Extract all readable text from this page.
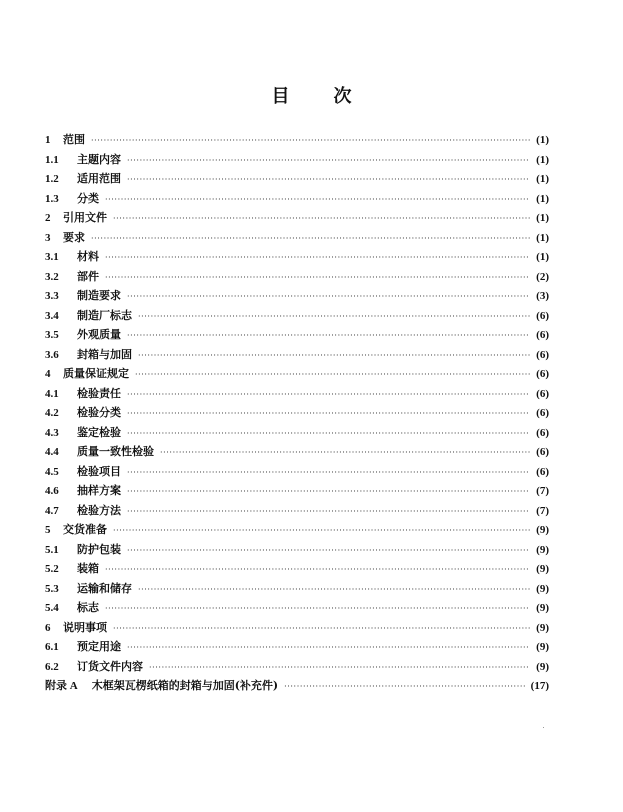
目 次
1	范围 ·····	(1)
1.1	主题内容 ·····	(1)
1.2	适用范围 ·····	(1)
1.3	分类 ·····	(1)
2	引用文件 ·····	(1)
3	要求 ·····	(1)
3.1	材料 ·····	(1)
3.2	部件 ·····	(2)
3.3	制造要求 ·····	(3)
3.4	制造厂标志 ·····	(6)
3.5	外观质量 ·····	(6)
3.6	封箱与加固 ·····	(6)
4	质量保证规定 ·····	(6)
4.1	检验责任 ·····	(6)
4.2	检验分类 ·····	(6)
4.3	鉴定检验 ·····	(6)
4.4	质量一致性检验 ·····	(6)
4.5	检验项目 ·····	(6)
4.6	抽样方案 ·····	(7)
4.7	检验方法 ·····	(7)
5	交货准备 ·····	(9)
5.1	防护包装 ·····	(9)
5.2	装箱 ·····	(9)
5.3	运输和储存 ·····	(9)
5.4	标志 ·····	(9)
6	说明事项 ·····	(9)
6.1	预定用途 ·····	(9)
6.2	订货文件内容 ·····	(9)
附录 A	木框架瓦楞纸箱的封箱与加固(补充件) ·····	(17)
